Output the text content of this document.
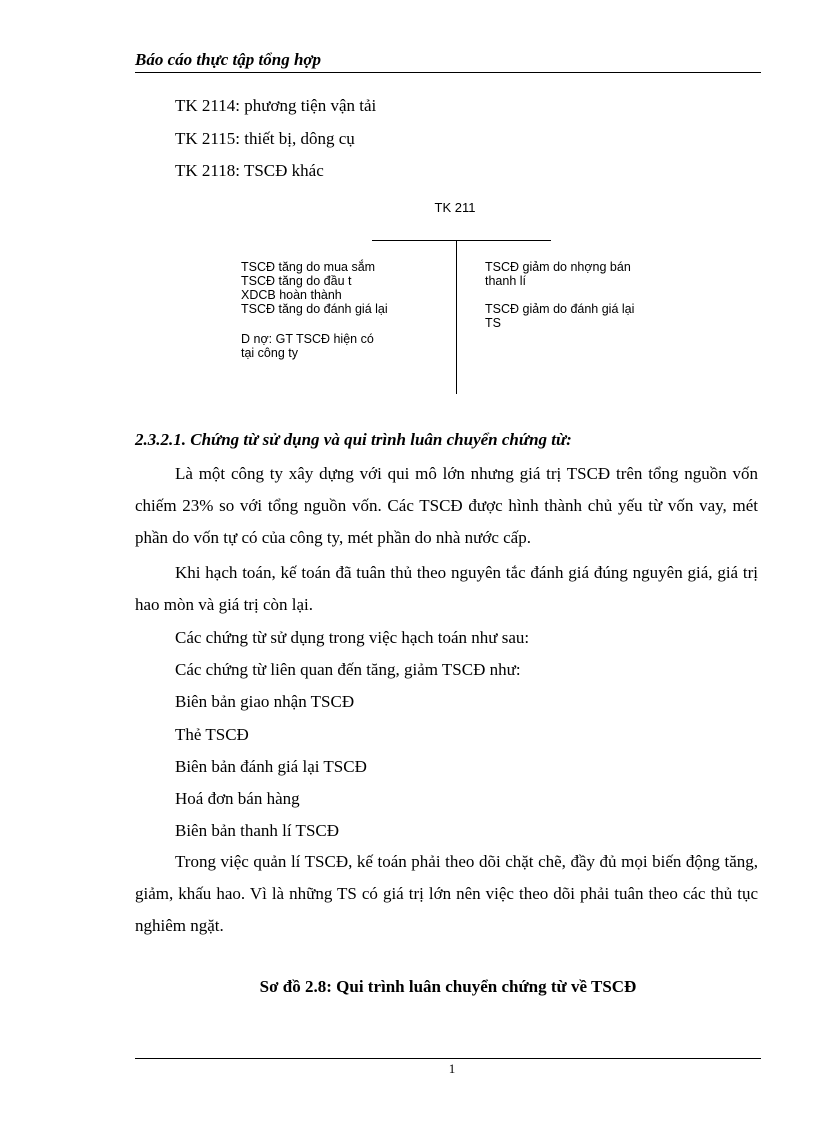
Báo cáo thực tập tổng hợp
TK 2114: phương tiện vận tải
TK 2115: thiết bị, dông cụ
TK 2118: TSCĐ khác
TK 211
TSCĐ tăng do mua sắm
TSCĐ tăng do đầu t
XDCB hoàn thành
TSCĐ tăng do đánh giá lại
D nợ: GT TSCĐ hiện có
tại công ty
TSCĐ giảm do nhợng bán
thanh lí
TSCĐ giảm do đánh giá lại
TS
2.3.2.1. Chứng từ sử dụng và qui trình luân chuyển chứng từ:
Là một công ty xây dựng với qui mô lớn nhưng giá trị TSCĐ trên tổng nguồn vốn chiếm 23% so với tổng nguồn vốn. Các TSCĐ được hình thành chủ yếu từ vốn vay, mét phần do vốn tự có của công ty, mét phần do nhà nước cấp.
Khi hạch toán, kế toán đã tuân thủ theo nguyên tắc đánh giá đúng nguyên giá, giá trị hao mòn và giá trị còn lại.
Các chứng từ sử dụng trong việc hạch toán như sau:
Các chứng từ liên quan đến tăng, giảm TSCĐ như:
Biên bản giao nhận TSCĐ
Thẻ TSCĐ
Biên bản đánh giá lại TSCĐ
Hoá đơn bán hàng
Biên bản thanh lí TSCĐ
Trong việc quản lí TSCĐ, kế toán phải theo dõi chặt chẽ, đầy đủ mọi biến động tăng, giảm, khấu hao. Vì là những TS có giá trị lớn nên việc theo dõi phải tuân theo các thủ tục nghiêm ngặt.
Sơ đồ 2.8: Qui trình luân chuyển chứng từ về TSCĐ
1
